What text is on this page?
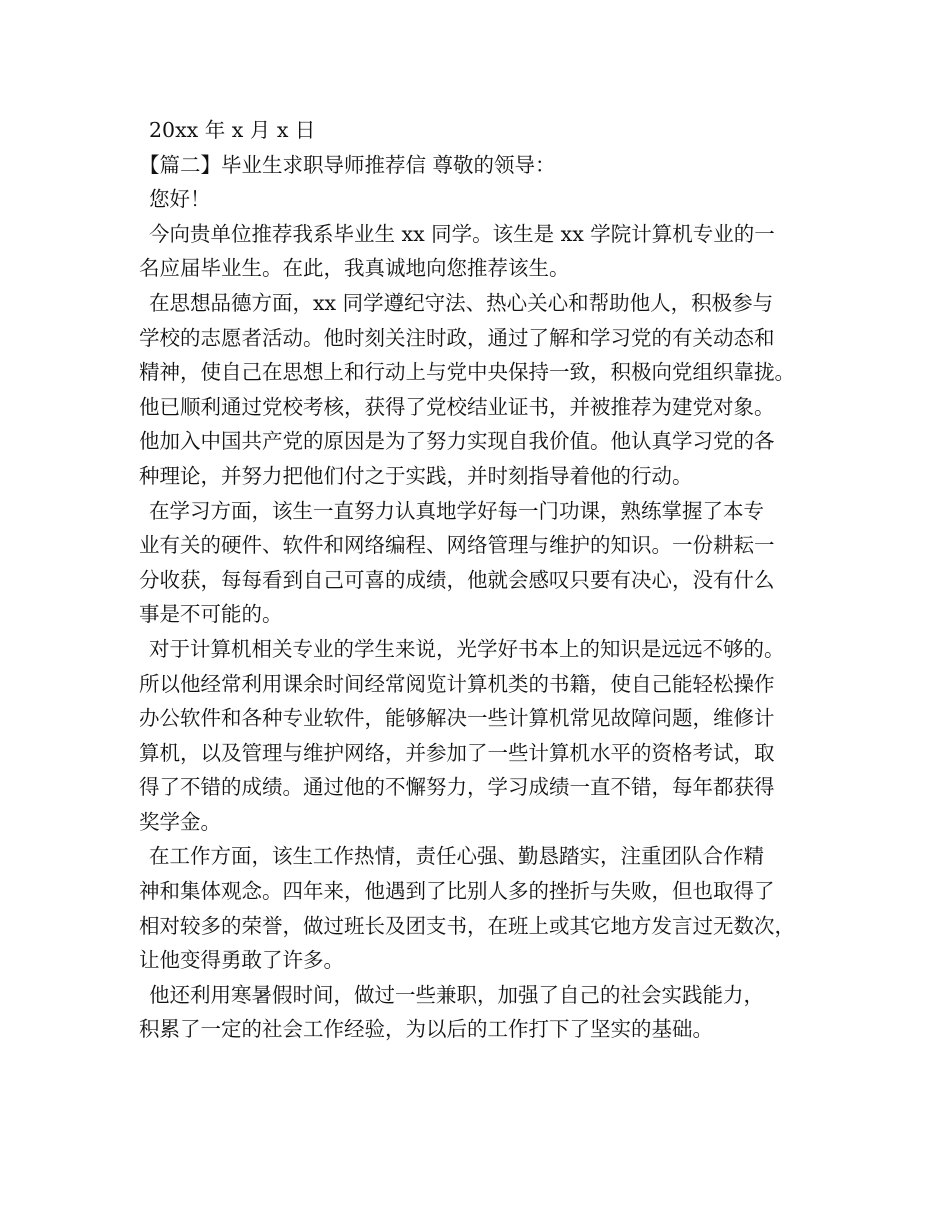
20xx 年 x 月 x 日
【篇二】毕业生求职导师推荐信 尊敬的领导：
您好！
今向贵单位推荐我系毕业生 xx 同学。该生是 xx 学院计算机专业的一
名应届毕业生。在此，我真诚地向您推荐该生。
在思想品德方面，xx 同学遵纪守法、热心关心和帮助他人，积极参与
学校的志愿者活动。他时刻关注时政，通过了解和学习党的有关动态和
精神，使自己在思想上和行动上与党中央保持一致，积极向党组织靠拢。
他已顺利通过党校考核，获得了党校结业证书，并被推荐为建党对象。
他加入中国共产党的原因是为了努力实现自我价值。他认真学习党的各
种理论，并努力把他们付之于实践，并时刻指导着他的行动。
在学习方面，该生一直努力认真地学好每一门功课，熟练掌握了本专
业有关的硬件、软件和网络编程、网络管理与维护的知识。一份耕耘一
分收获，每每看到自己可喜的成绩，他就会感叹只要有决心，没有什么
事是不可能的。
对于计算机相关专业的学生来说，光学好书本上的知识是远远不够的。
所以他经常利用课余时间经常阅览计算机类的书籍，使自己能轻松操作
办公软件和各种专业软件，能够解决一些计算机常见故障问题，维修计
算机，以及管理与维护网络，并参加了一些计算机水平的资格考试，取
得了不错的成绩。通过他的不懈努力，学习成绩一直不错，每年都获得
奖学金。
在工作方面，该生工作热情，责任心强、勤恳踏实，注重团队合作精
神和集体观念。四年来，他遇到了比别人多的挫折与失败，但也取得了
相对较多的荣誉，做过班长及团支书，在班上或其它地方发言过无数次，
让他变得勇敢了许多。
他还利用寒暑假时间，做过一些兼职，加强了自己的社会实践能力，
积累了一定的社会工作经验，为以后的工作打下了坚实的基础。
